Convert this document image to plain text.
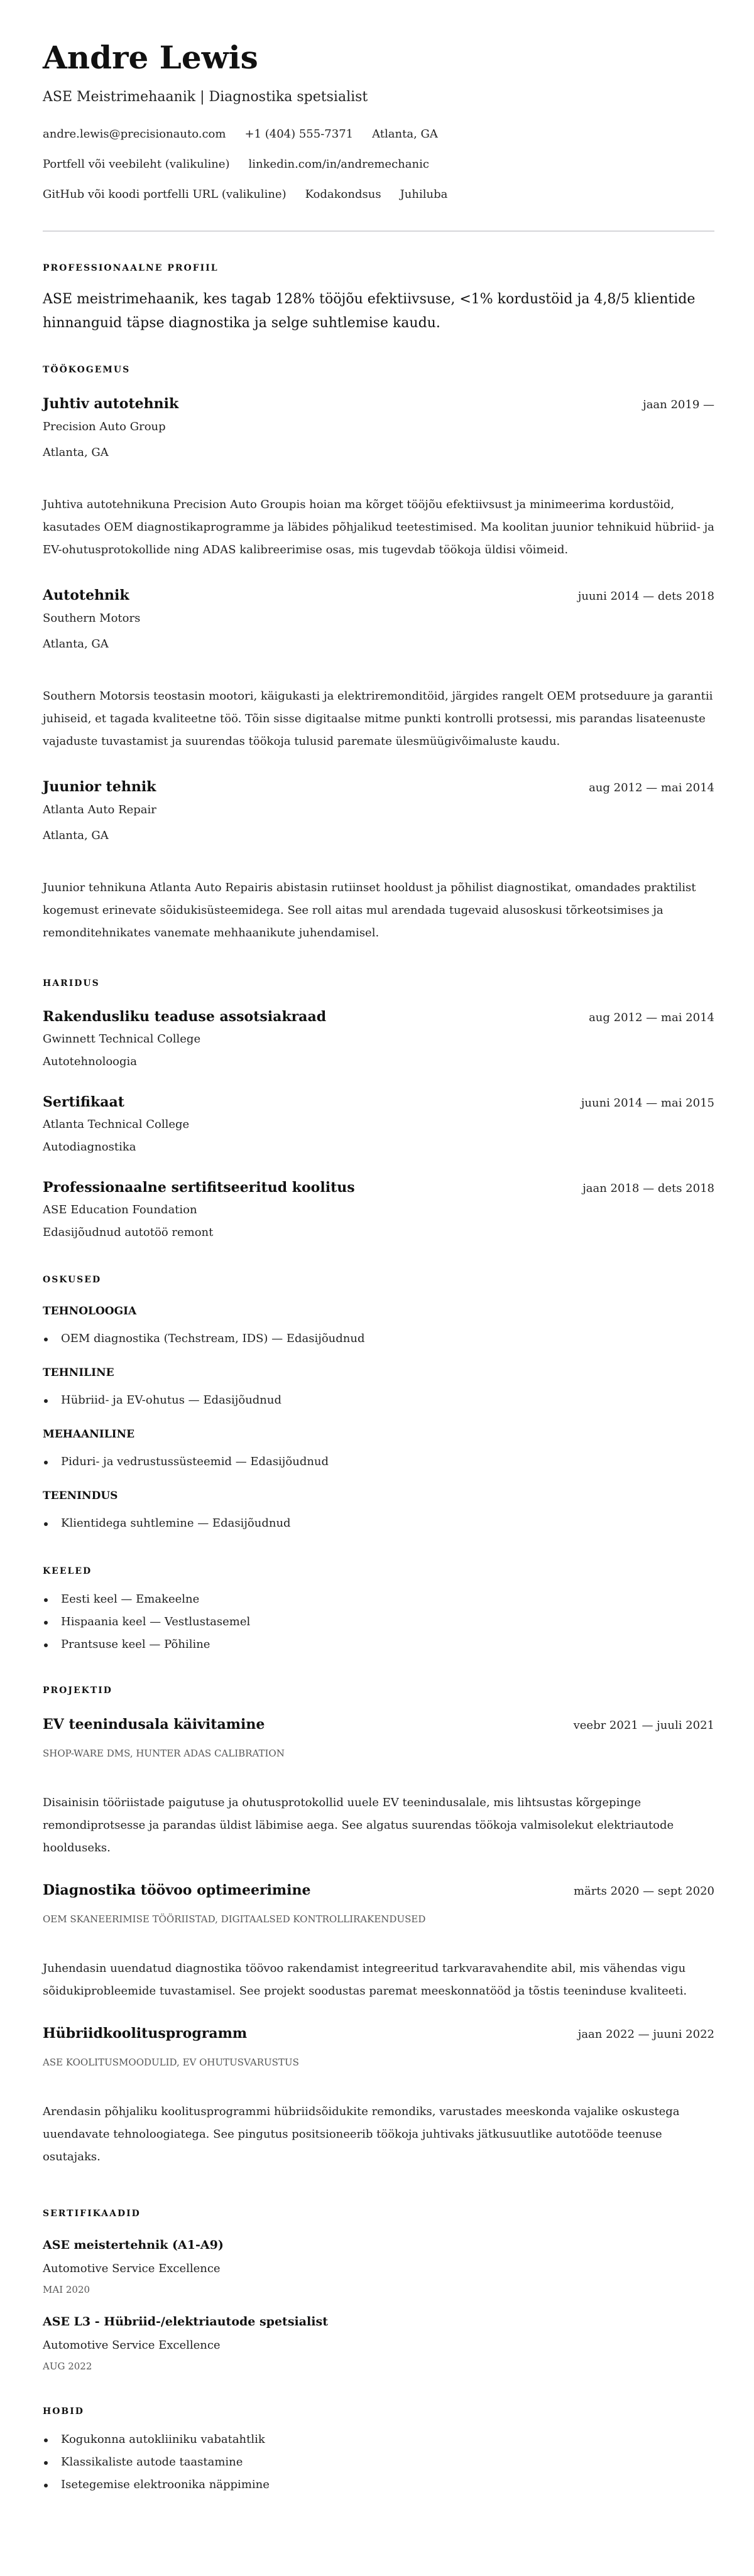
Andre Lewis
ASE Meistrimehaanik | Diagnostika spetsialist
andre.lewis@precisionauto.com +1 (404) 555-7371 Atlanta, GA
Portfell või veebileht (valikuline) linkedin.com/in/andremechanic
GitHub või koodi portfelli URL (valikuline) Kodakondsus Juhiluba
PROFESSIONAALNE PROFIIL
ASE meistrimehaanik, kes tagab 128% tööjõu efektiivsuse, <1% kordustöid ja 4,8/5 klientide hinnanguid täpse diagnostika ja selge suhtlemise kaudu.
TÖÖKOGEMUS
Juhtiv autotehnik	jaan 2019 —
Precision Auto Group
Atlanta, GA
Juhtiva autotehnikuna Precision Auto Groupis hoian ma kõrget tööjõu efektiivsust ja minimeerima kordustöid, kasutades OEM diagnostikaprogramme ja läbides põhjalikud teetestimised. Ma koolitan juunior tehnikuid hübriid- ja EV-ohutusprotokollide ning ADAS kalibreerimise osas, mis tugevdab töökoja üldisi võimeid.
Autotehnik	juuni 2014 — dets 2018
Southern Motors
Atlanta, GA
Southern Motorsis teostasin mootori, käigukasti ja elektriremonditöid, järgides rangelt OEM protseduure ja garantii juhiseid, et tagada kvaliteetne töö. Tõin sisse digitaalse mitme punkti kontrolli protsessi, mis parandas lisateenuste vajaduste tuvastamist ja suurendas töökoja tulusid paremate ülesmüügivõimaluste kaudu.
Juunior tehnik	aug 2012 — mai 2014
Atlanta Auto Repair
Atlanta, GA
Juunior tehnikuna Atlanta Auto Repairis abistasin rutiinset hooldust ja põhilist diagnostikat, omandades praktilist kogemust erinevate sõidukisüsteemidega. See roll aitas mul arendada tugevaid alusoskusi tõrkeotsimises ja remonditehnikates vanemate mehhaanikute juhendamisel.
HARIDUS
Rakendusliku teaduse assotsiakraad	aug 2012 — mai 2014
Gwinnett Technical College
Autotehnoloogia
Sertifikaat	juuni 2014 — mai 2015
Atlanta Technical College
Autodiagnostika
Professionaalne sertifitseeritud koolitus	jaan 2018 — dets 2018
ASE Education Foundation
Edasijõudnud autotöö remont
OSKUSED
TEHNOLOOGIA
OEM diagnostika (Techstream, IDS) — Edasijõudnud
TEHNILINE
Hübriid- ja EV-ohutus — Edasijõudnud
MEHAANILINE
Piduri- ja vedrustussüsteemid — Edasijõudnud
TEENINDUS
Klientidega suhtlemine — Edasijõudnud
KEELED
Eesti keel — Emakeelne
Hispaania keel — Vestlustasemel
Prantsuse keel — Põhiline
PROJEKTID
EV teenindusala käivitamine	veebr 2021 — juuli 2021
SHOP-WARE DMS, HUNTER ADAS CALIBRATION
Disainisin tööriistade paigutuse ja ohutusprotokollid uuele EV teenindusalale, mis lihtsustas kõrgepinge remondiprotsesse ja parandas üldist läbimise aega. See algatus suurendas töökoja valmisolekut elektriautode hoolduseks.
Diagnostika töövoo optimeerimine	märts 2020 — sept 2020
OEM SKANEERIMISE TÖÖRIISTAD, DIGITAALSED KONTROLLIRAKENDUSED
Juhendasin uuendatud diagnostika töövoo rakendamist integreeritud tarkvaravahendite abil, mis vähendas vigu sõidukiprobleemide tuvastamisel. See projekt soodustas paremat meeskonnatööd ja tõstis teeninduse kvaliteeti.
Hübriidkoolitusprogramm	jaan 2022 — juuni 2022
ASE KOOLITUSMOODULID, EV OHUTUSVARUSTUS
Arendasin põhjaliku koolitusprogrammi hübriidsõidukite remondiks, varustades meeskonda vajalike oskustega uuendavate tehnoloogiatega. See pingutus positsioneerib töökoja juhtivaks jätkusuutlike autotööde teenuse osutajaks.
SERTIFIKAADID
ASE meistertehnik (A1-A9)
Automotive Service Excellence
MAI 2020
ASE L3 - Hübriid-/elektriautode spetsialist
Automotive Service Excellence
AUG 2022
HOBID
Kogukonna autokliiniku vabatahtlik
Klassikaliste autode taastamine
Isetegemise elektroonika näppimine
